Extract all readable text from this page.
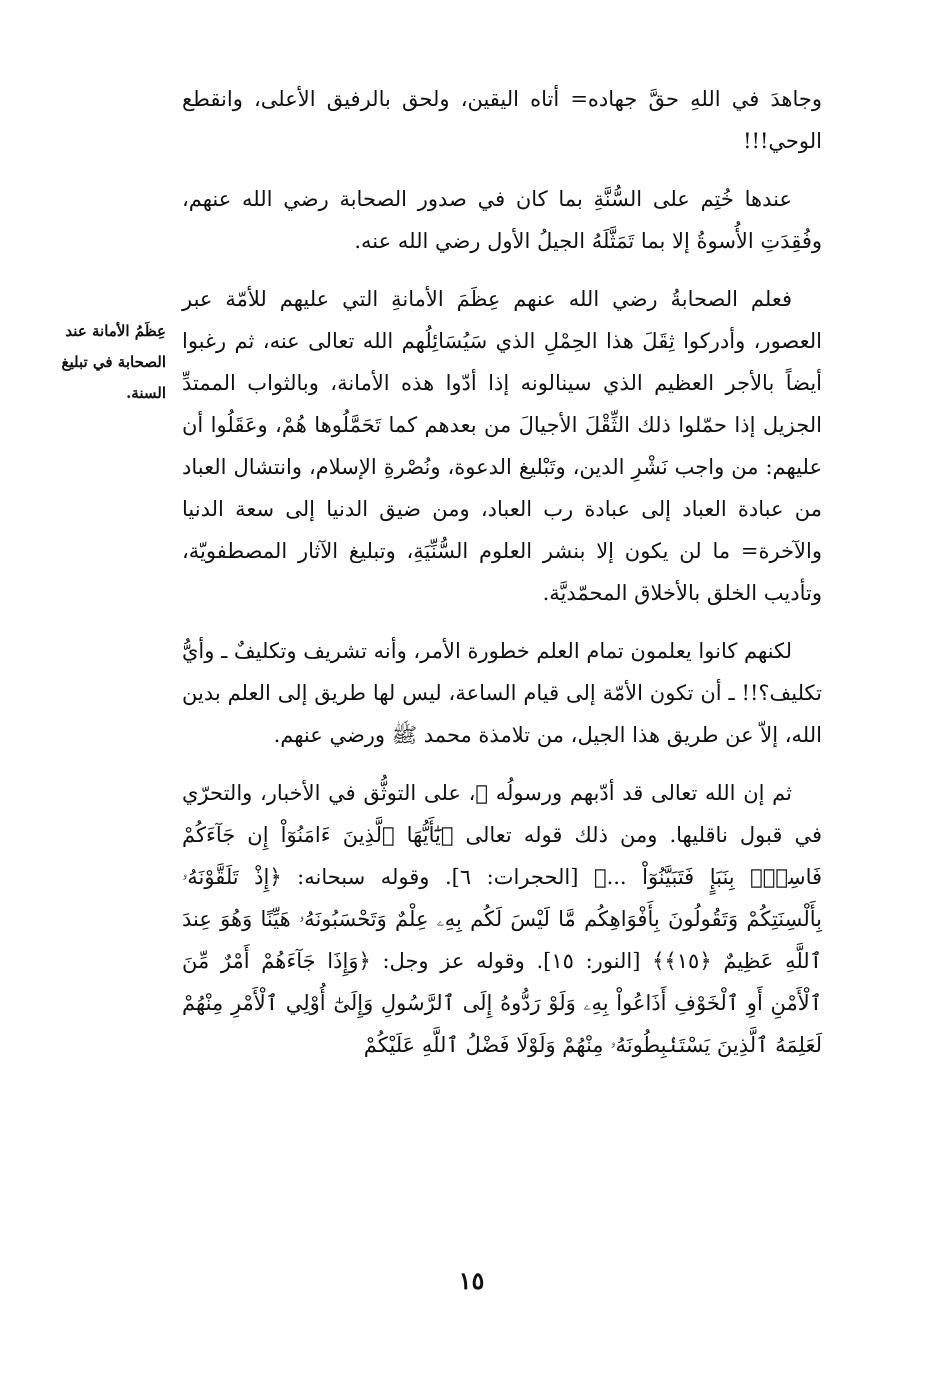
وجاهدَ في اللهِ حقَّ جهاده= أتاه اليقين، ولحق بالرفيق الأعلى، وانقطع الوحي!!!

عندها خُتِم على السُّنَّةِ بما كان في صدور الصحابة رضي الله عنهم، وفُقِدَتِ الأُسوةُ إلا بما تَمَثَّلَهُ الجيلُ الأول رضي الله عنه.

فعلم الصحابةُ رضي الله عنهم عِظَمَ الأمانةِ التي عليهم للأمّة عبر العصور، وأدركوا ثِقَلَ هذا الحِمْلِ الذي سَيُسَائِلُهم الله تعالى عنه، ثم رغبوا أيضاً بالأجر العظيم الذي سينالونه إذا أدّوا هذه الأمانة، وبالثواب الممتدِّ الجزيل إذا حمّلوا ذلك الثِّقْلَ الأجيالَ من بعدهم كما تَحَمَّلُوها هُمْ، وعَقَلُوا أن عليهم: من واجب نَشْرِ الدين، وتَبْليغ الدعوة، ونُصْرةِ الإسلام، وانتشال العباد من عبادة العباد إلى عبادة رب العباد، ومن ضيق الدنيا إلى سعة الدنيا والآخرة= ما لن يكون إلا بنشر العلوم السُّنِّيَةِ، وتبليغ الآثار المصطفويّة، وتأديب الخلق بالأخلاق المحمّديَّة.

لكنهم كانوا يعلمون تمام العلم خطورة الأمر، وأنه تشريف وتكليفٌ ـ وأيُّ تكليف؟!! ـ أن تكون الأمّة إلى قيام الساعة، ليس لها طريق إلى العلم بدين الله، إلاّ عن طريق هذا الجيل، من تلامذة محمد ﷺ ورضي عنهم.

ثم إن الله تعالى قد أدّبهم ورسولُه ﷺ، على التوثُّق في الأخبار، والتحرّي في قبول ناقليها. ومن ذلك قوله تعالى ﴿يَٰٓأَيُّهَا ٱلَّذِينَ ءَامَنُوٓاْ إِن جَآءَكُمْ فَاسِقٌۢ بِنَبَإٍ فَتَبَيَّنُوٓاْ ...﴾ [الحجرات: ٦]. وقوله سبحانه: ﴿إِذْ تَلَقَّوْنَهُۥ بِأَلْسِنَتِكُمْ وَتَقُولُونَ بِأَفْوَاهِكُم مَّا لَيْسَ لَكُم بِهِۦ عِلْمٌ وَتَحْسَبُونَهُۥ هَيِّنًا وَهُوَ عِندَ ٱللَّهِ عَظِيمٌ ﴿١٥﴾﴾ [النور: ١٥]. وقوله عز وجل: ﴿وَإِذَا جَآءَهُمْ أَمْرٌ مِّنَ ٱلْأَمْنِ أَوِ ٱلْخَوْفِ أَذَاعُواْ بِهِۦ وَلَوْ رَدُّوهُ إِلَى ٱلرَّسُولِ وَإِلَىٰٓ أُوْلِي ٱلْأَمْرِ مِنْهُمْ لَعَلِمَهُ ٱلَّذِينَ يَسْتَنۢبِطُونَهُۥ مِنْهُمْ وَلَوْلَا فَضْلُ ٱللَّهِ عَلَيْكُمْ

عِظَمُ الأمانة عند الصحابة في تبليغ السنة.
١٥
